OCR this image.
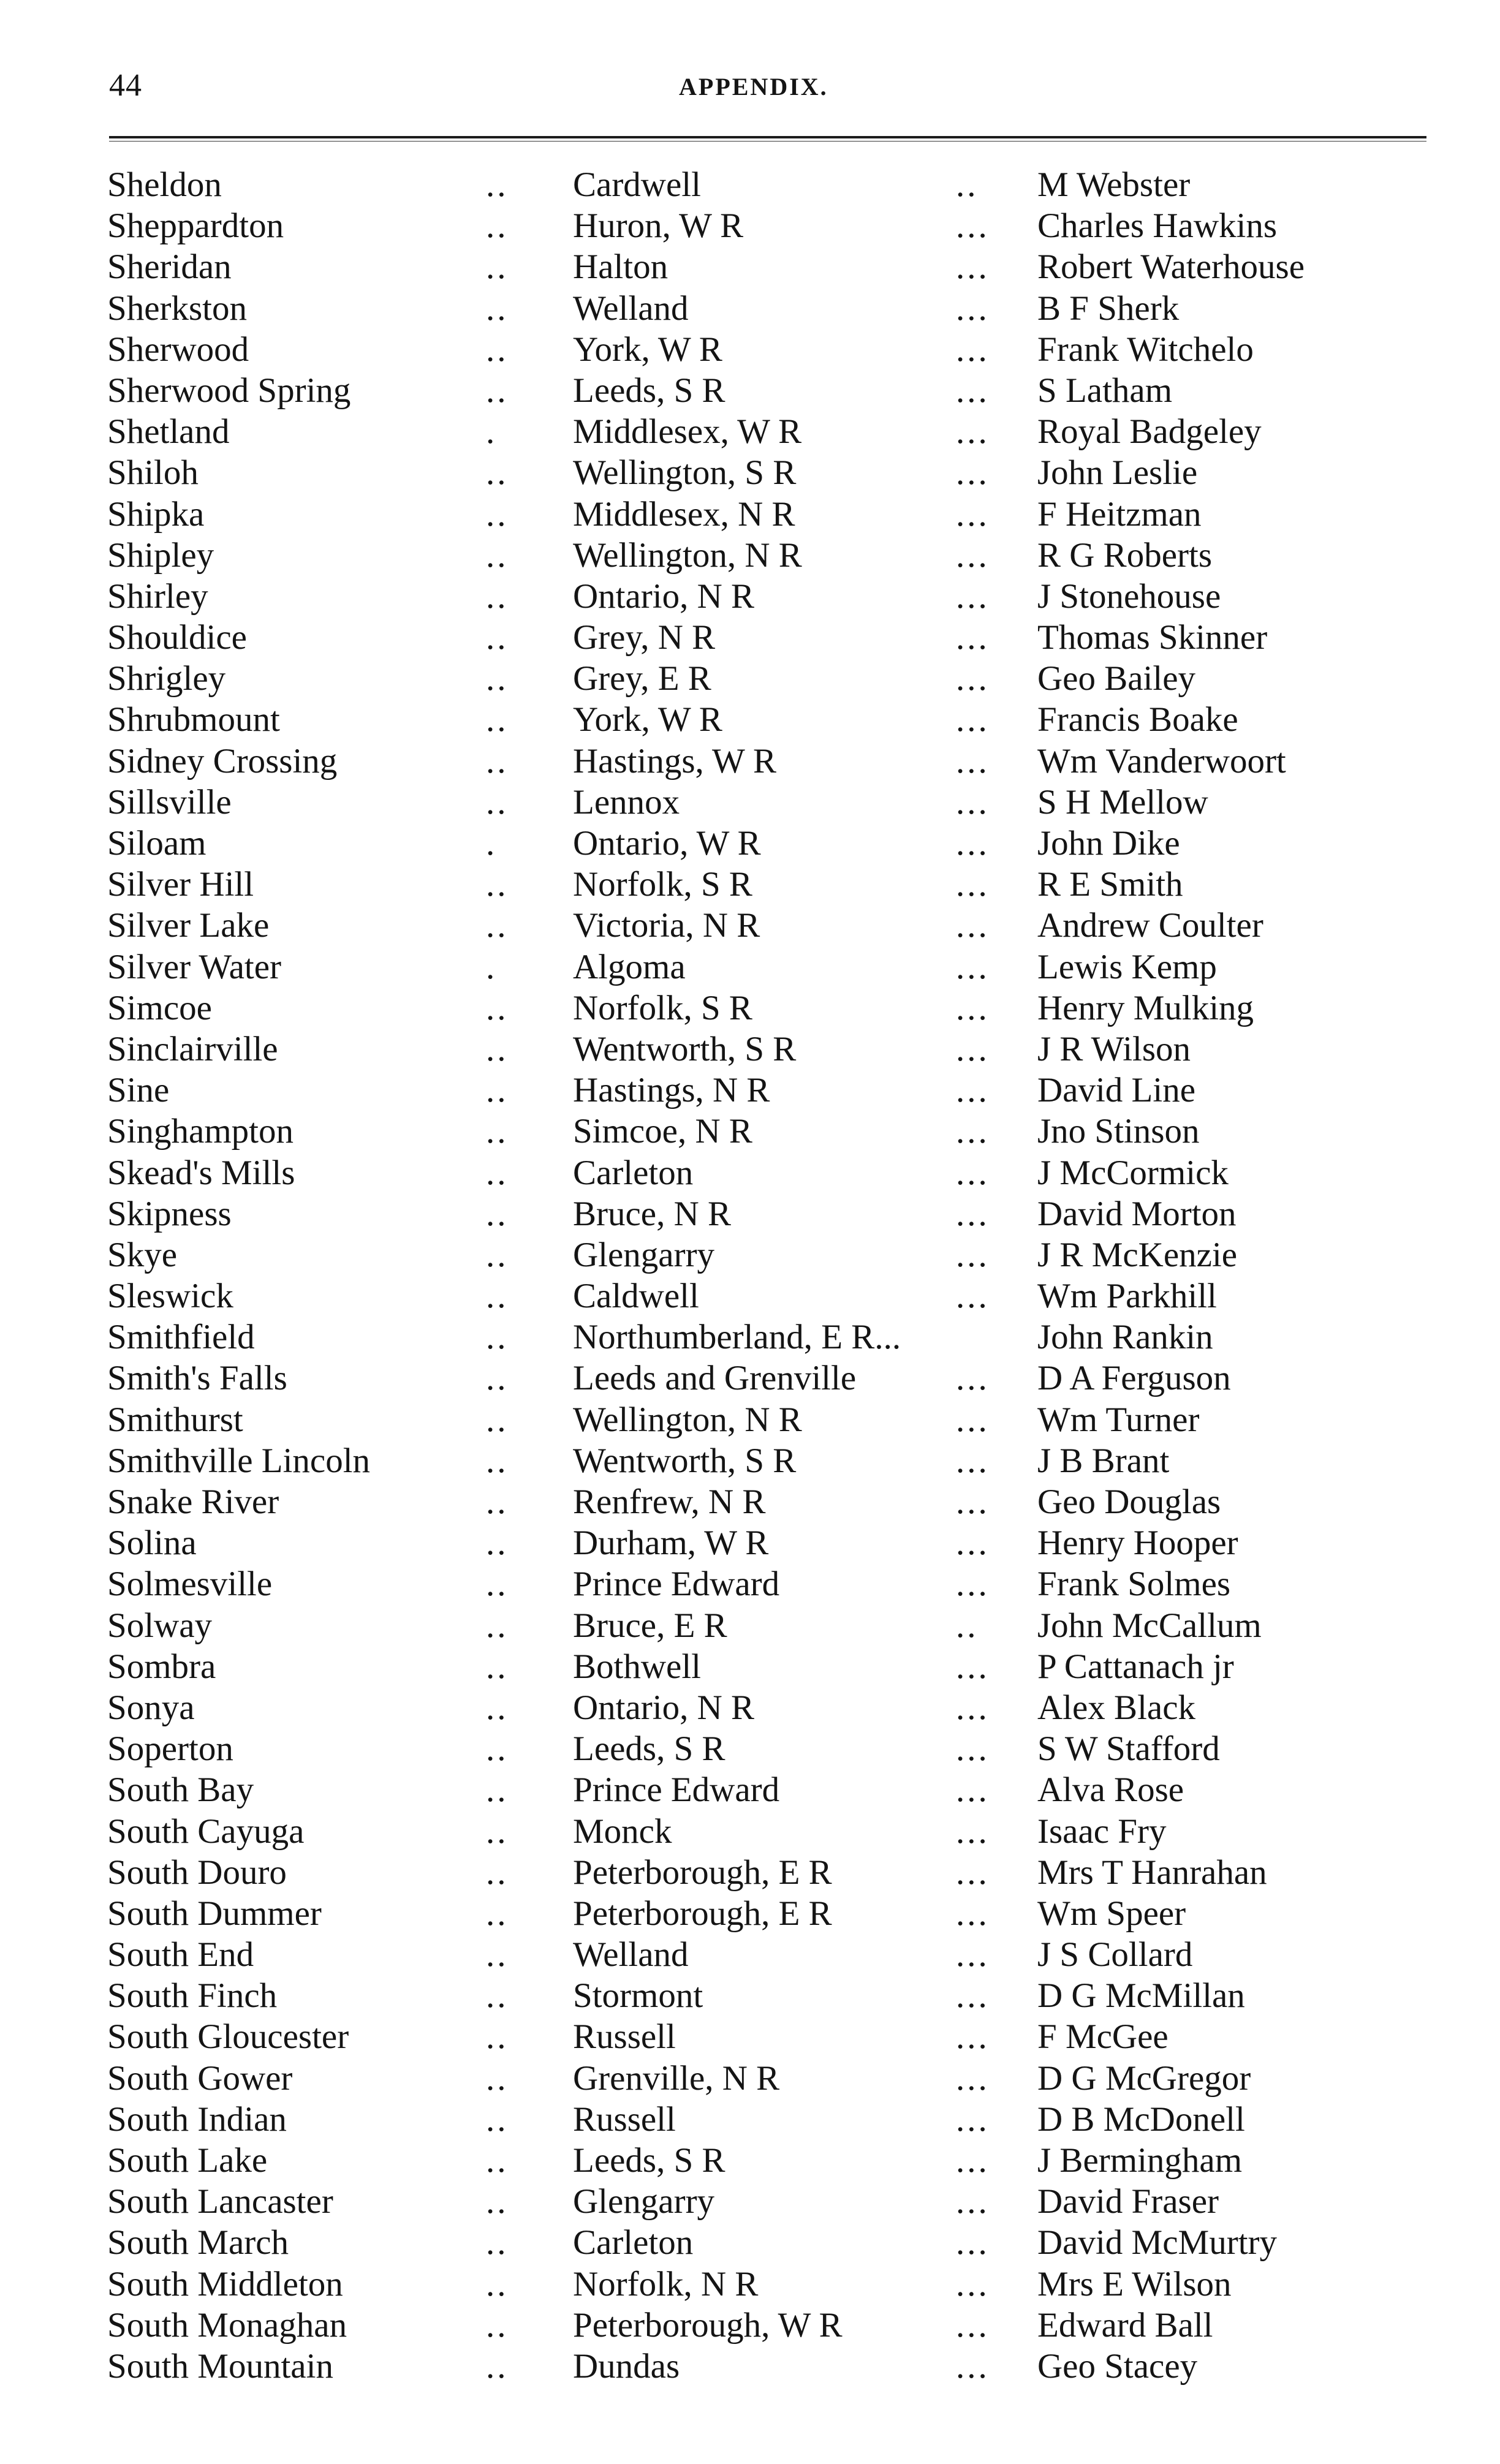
44	APPENDIX.
Sheldon	.. Cardwell	.. M Webster
Sheppardton	.. Huron, W R	... Charles Hawkins
Sheridan	.. Halton	... Robert Waterhouse
Sherkston	.. Welland	... B F Sherk
Sherwood	.. York, W R	... Frank Witchelo
Sherwood Spring	.. Leeds, S R	... S Latham
Shetland	. Middlesex, W R	... Royal Badgeley
Shiloh	.. Wellington, S R	... John Leslie
Shipka	.. Middlesex, N R	... F Heitzman
Shipley	.. Wellington, N R	... R G Roberts
Shirley	.. Ontario, N R	... J Stonehouse
Shouldice	.. Grey, N R	... Thomas Skinner
Shrigley	.. Grey, E R	... Geo Bailey
Shrubmount	.. York, W R	... Francis Boake
Sidney Crossing	.. Hastings, W R	... Wm Vanderwoort
Sillsville	.. Lennox	... S H Mellow
Siloam	. Ontario, W R	... John Dike
Silver Hill	.. Norfolk, S R	... R E Smith
Silver Lake	.. Victoria, N R	... Andrew Coulter
Silver Water	. Algoma	... Lewis Kemp
Simcoe	.. Norfolk, S R	... Henry Mulking
Sinclairville	.. Wentworth, S R	... J R Wilson
Sine	.. Hastings, N R	... David Line
Singhampton	.. Simcoe, N R	... Jno Stinson
Skead's Mills	.. Carleton	... J McCormick
Skipness	.. Bruce, N R	... David Morton
Skye	.. Glengarry	... J R McKenzie
Sleswick	.. Caldwell	... Wm Parkhill
Smithfield	.. Northumberland, E R...	John Rankin
Smith's Falls	.. Leeds and Grenville	... D A Ferguson
Smithurst	.. Wellington, N R	... Wm Turner
Smithville Lincoln	.. Wentworth, S R	... J B Brant
Snake River	.. Renfrew, N R	... Geo Douglas
Solina	.. Durham, W R	... Henry Hooper
Solmesville	.. Prince Edward	... Frank Solmes
Solway	.. Bruce, E R	.. John McCallum
Sombra	.. Bothwell	... P Cattanach jr
Sonya	.. Ontario, N R	... Alex Black
Soperton	.. Leeds, S R	... S W Stafford
South Bay	.. Prince Edward	... Alva Rose
South Cayuga	.. Monck	... Isaac Fry
South Douro	.. Peterborough, E R	... Mrs T Hanrahan
South Dummer	.. Peterborough, E R	... Wm Speer
South End	.. Welland	... J S Collard
South Finch	.. Stormont	... D G McMillan
South Gloucester	.. Russell	... F McGee
South Gower	.. Grenville, N R	... D G McGregor
South Indian	.. Russell	... D B McDonell
South Lake	.. Leeds, S R	... J Bermingham
South Lancaster	.. Glengarry	... David Fraser
South March	.. Carleton	... David McMurtry
South Middleton	.. Norfolk, N R	... Mrs E Wilson
South Monaghan	.. Peterborough, W R	... Edward Ball
South Mountain	.. Dundas	... Geo Stacey
